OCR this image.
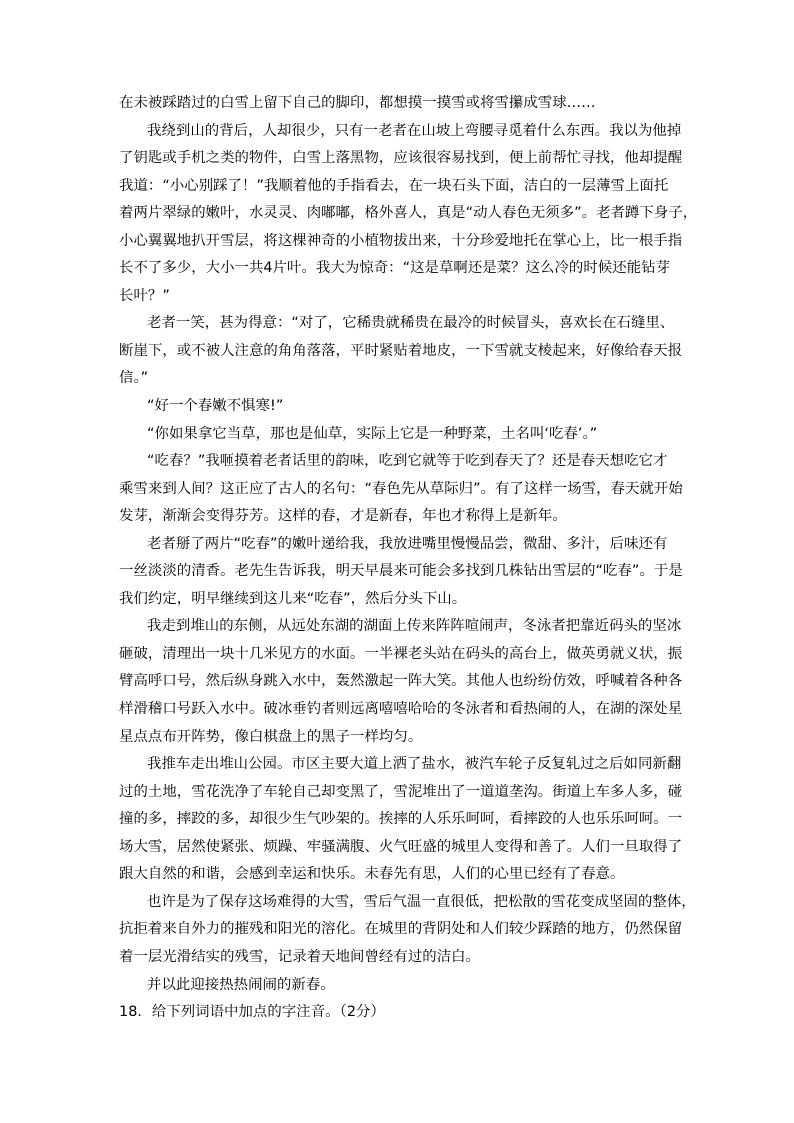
在未被踩踏过的白雪上留下自己的脚印，都想摸一摸雪或将雪攥成雪球……
我绕到山的背后，人却很少，只有一老者在山坡上弯腰寻觅着什么东西。我以为他掉
了钥匙或手机之类的物件，白雪上落黑物，应该很容易找到，便上前帮忙寻找，他却提醒
我道：“小心别踩了！”我顺着他的手指看去，在一块石头下面，洁白的一层薄雪上面托
着两片翠绿的嫩叶，水灵灵、肉嘟嘟，格外喜人，真是“动人春色无须多”。老者蹲下身子，
小心翼翼地扒开雪层，将这棵神奇的小植物拔出来，十分珍爱地托在掌心上，比一根手指
长不了多少，大小一共4片叶。我大为惊奇：“这是草啊还是菜？这么冷的时候还能钻芽
长叶？”
老者一笑，甚为得意：“对了，它稀贵就稀贵在最冷的时候冒头，喜欢长在石缝里、
断崖下，或不被人注意的角角落落，平时紧贴着地皮，一下雪就支棱起来，好像给春天报
信。”
“好一个春嫩不惧寒!”
“你如果拿它当草，那也是仙草，实际上它是一种野菜，土名叫‘吃春’。”
“吃春？”我咂摸着老者话里的韵味，吃到它就等于吃到春天了？还是春天想吃它才
乘雪来到人间？这正应了古人的名句：“春色先从草际归”。有了这样一场雪，春天就开始
发芽，渐渐会变得芬芳。这样的春，才是新春，年也才称得上是新年。
老者掰了两片“吃春”的嫩叶递给我，我放进嘴里慢慢品尝，微甜、多汁，后味还有
一丝淡淡的清香。老先生告诉我，明天早晨来可能会多找到几株钻出雪层的“吃春”。于是
我们约定，明早继续到这儿来“吃春”，然后分头下山。
我走到堆山的东侧，从远处东湖的湖面上传来阵阵喧闹声，冬泳者把靠近码头的坚冰
砸破，清理出一块十几米见方的水面。一半裸老头站在码头的高台上，做英勇就义状，振
臂高呼口号，然后纵身跳入水中，轰然激起一阵大笑。其他人也纷纷仿效，呼喊着各种各
样滑稽口号跃入水中。破冰垂钓者则远离嘻嘻哈哈的冬泳者和看热闹的人，在湖的深处星
星点点布开阵势，像白棋盘上的黑子一样均匀。
我推车走出堆山公园。市区主要大道上洒了盐水，被汽车轮子反复轧过之后如同新翻
过的土地，雪花洗净了车轮自己却变黑了，雪泥堆出了一道道垄沟。街道上车多人多，碰
撞的多，摔跤的多，却很少生气吵架的。挨摔的人乐乐呵呵，看摔跤的人也乐乐呵呵。一
场大雪，居然使紧张、烦躁、牢骚满腹、火气旺盛的城里人变得和善了。人们一旦取得了
跟大自然的和谐，会感到幸运和快乐。未春先有思，人们的心里已经有了春意。
也许是为了保存这场难得的大雪，雪后气温一直很低，把松散的雪花变成坚固的整体，
抗拒着来自外力的摧残和阳光的溶化。在城里的背阴处和人们较少踩踏的地方，仍然保留
着一层光滑结实的残雪，记录着天地间曾经有过的洁白。
并以此迎接热热闹闹的新春。
18．给下列词语中加点的字注音。（2分）
